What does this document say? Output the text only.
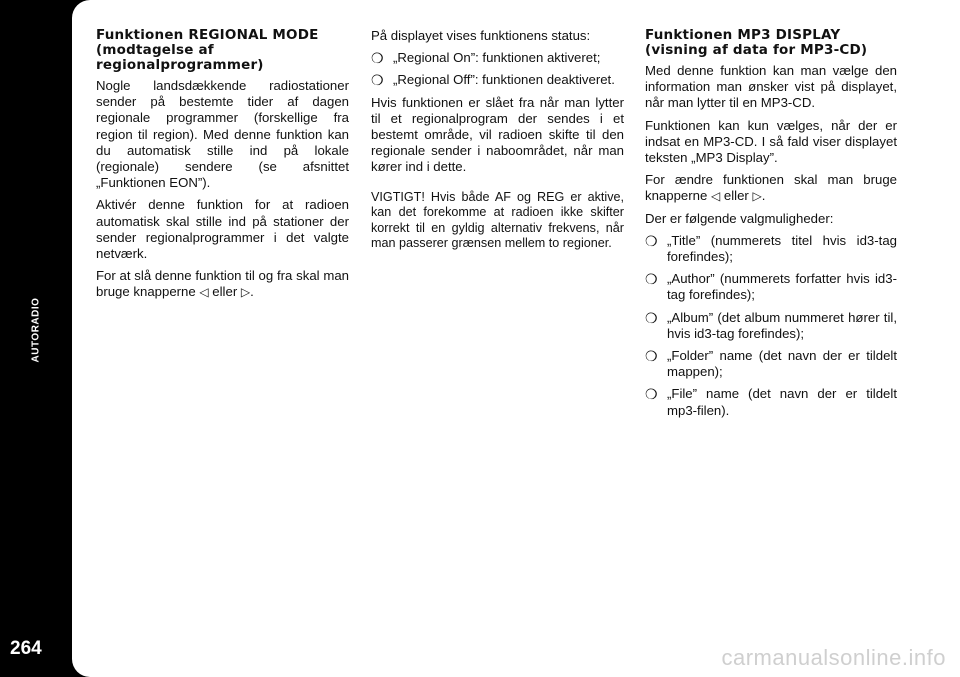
AUTORADIO
264
Funktionen REGIONAL MODE (modtagelse af regionalprogrammer)

Nogle landsdækkende radiostationer sender på bestemte tider af dagen regionale programmer (forskellige fra region til region). Med denne funktion kan du automatisk stille ind på lokale (regionale) sendere (se afsnittet „Funktionen EON”).

Aktivér denne funktion for at radioen automatisk skal stille ind på stationer der sender regionalprogrammer i det valgte netværk.

For at slå denne funktion til og fra skal man bruge knapperne ◁ eller ▷.

På displayet vises funktionens status:

❍ „Regional On”: funktionen aktiveret;
❍ „Regional Off”: funktionen deaktiveret.

Hvis funktionen er slået fra når man lytter til et regionalprogram der sendes i et bestemt område, vil radioen skifte til den regionale sender i naboområdet, når man kører ind i dette.

VIGTIGT! Hvis både AF og REG er aktive, kan det forekomme at radioen ikke skifter korrekt til en gyldig alternativ frekvens, når man passerer grænsen mellem to regioner.

Funktionen MP3 DISPLAY (visning af data for MP3-CD)

Med denne funktion kan man vælge den information man ønsker vist på displayet, når man lytter til en MP3-CD.

Funktionen kan kun vælges, når der er indsat en MP3-CD. I så fald viser displayet teksten „MP3 Display”.

For ændre funktionen skal man bruge knapperne ◁ eller ▷.

Der er følgende valgmuligheder:

❍ „Title” (nummerets titel hvis id3-tag forefindes);
❍ „Author” (nummerets forfatter hvis id3-tag forefindes);
❍ „Album” (det album nummeret hører til, hvis id3-tag forefindes);
❍ „Folder” name (det navn der er tildelt mappen);
❍ „File” name (det navn der er tildelt mp3-filen).
carmanualsonline.info
